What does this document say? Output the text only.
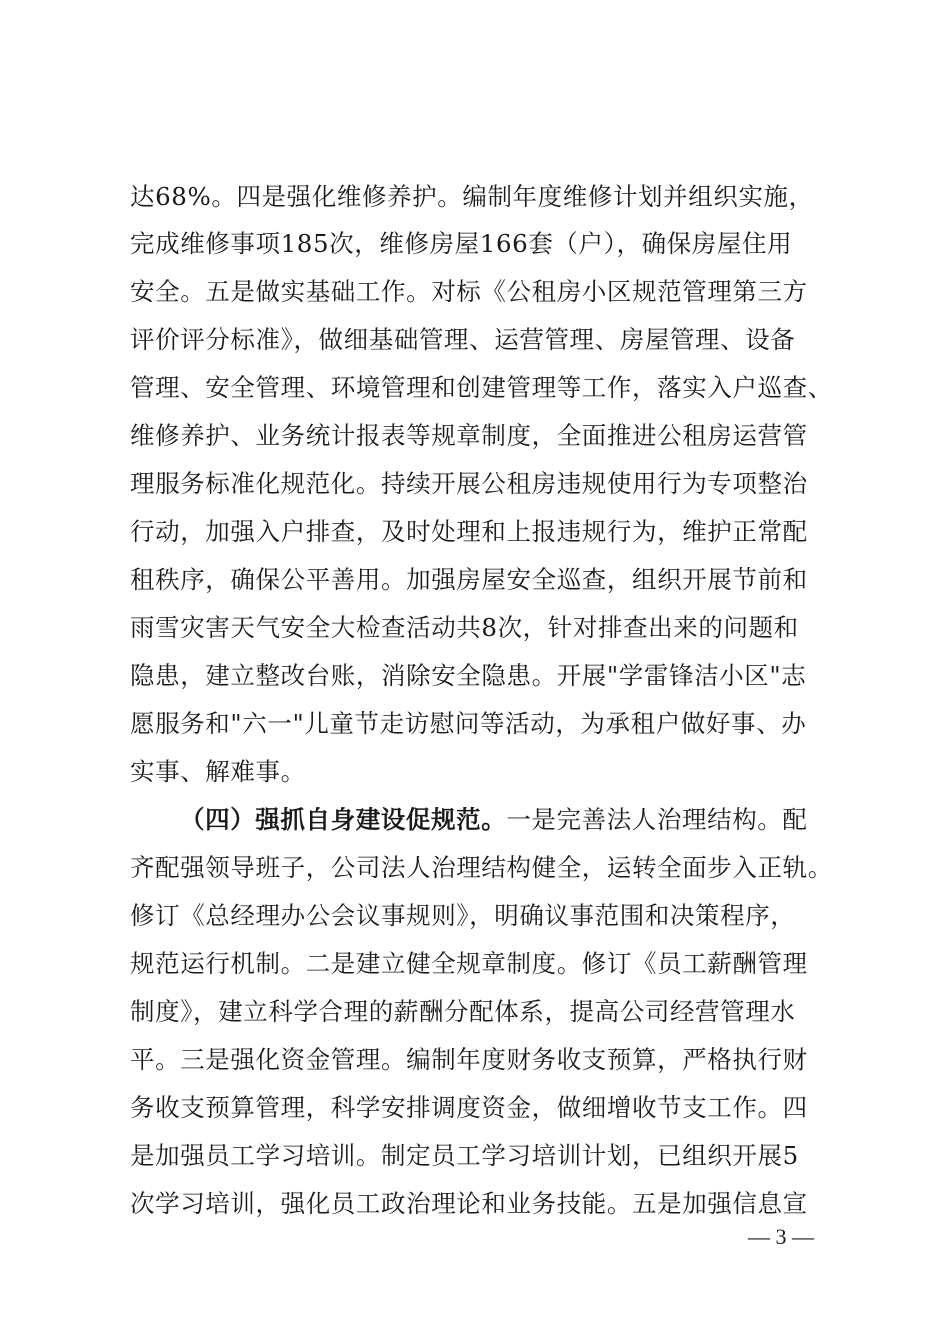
达68%。四是强化维修养护。编制年度维修计划并组织实施，
完成维修事项185次，维修房屋166套（户），确保房屋住用
安全。五是做实基础工作。对标《公租房小区规范管理第三方
评价评分标准》，做细基础管理、运营管理、房屋管理、设备
管理、安全管理、环境管理和创建管理等工作，落实入户巡查、
维修养护、业务统计报表等规章制度，全面推进公租房运营管
理服务标准化规范化。持续开展公租房违规使用行为专项整治
行动，加强入户排查，及时处理和上报违规行为，维护正常配
租秩序，确保公平善用。加强房屋安全巡查，组织开展节前和
雨雪灾害天气安全大检查活动共8次，针对排查出来的问题和
隐患，建立整改台账，消除安全隐患。开展"学雷锋洁小区"志
愿服务和"六一"儿童节走访慰问等活动，为承租户做好事、办
实事、解难事。
（四）强抓自身建设促规范。一是完善法人治理结构。配
齐配强领导班子，公司法人治理结构健全，运转全面步入正轨。
修订《总经理办公会议事规则》，明确议事范围和决策程序，
规范运行机制。二是建立健全规章制度。修订《员工薪酬管理
制度》，建立科学合理的薪酬分配体系，提高公司经营管理水
平。三是强化资金管理。编制年度财务收支预算，严格执行财
务收支预算管理，科学安排调度资金，做细增收节支工作。四
是加强员工学习培训。制定员工学习培训计划，已组织开展5
次学习培训，强化员工政治理论和业务技能。五是加强信息宣
— 3 —
